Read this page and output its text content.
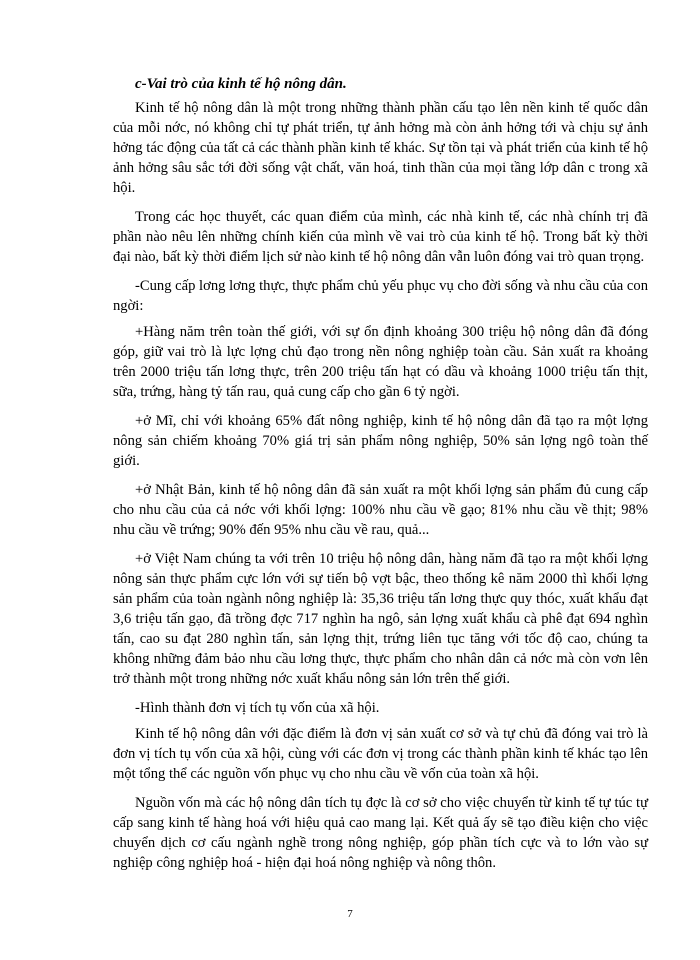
c-Vai trò của kinh tế hộ nông dân.

Kinh tế hộ nông dân là một trong những thành phần cấu tạo lên nền kinh tế quốc dân của mỗi nớc, nó không chỉ tự phát triển, tự ảnh hởng mà còn ảnh hởng tới và chịu sự ảnh hởng tác động của tất cả các thành phần kinh tế khác. Sự tồn tại và phát triển của kinh tế hộ ảnh hởng sâu sắc tới đời sống vật chất, văn hoá, tinh thần của mọi tầng lớp dân c trong xã hội.

Trong các học thuyết, các quan điểm của mình, các nhà kinh tế, các nhà chính trị đã phần nào nêu lên những chính kiến của mình về vai trò của kinh tế hộ. Trong bất kỳ thời đại nào, bất kỳ thời điểm lịch sử nào kinh tế hộ nông dân vẫn luôn đóng vai trò quan trọng.

-Cung cấp lơng lơng thực, thực phẩm chủ yếu phục vụ cho đời sống và nhu cầu của con ngời:

+Hàng năm trên toàn thế giới, với sự ổn định khoảng 300 triệu hộ nông dân đã đóng góp, giữ vai trò là lực lợng chủ đạo trong nền nông nghiệp toàn cầu. Sản xuất ra khoảng trên 2000 triệu tấn lơng thực, trên 200 triệu tấn hạt có dầu và khoảng 1000 triệu tấn thịt, sữa, trứng, hàng tỷ tấn rau, quả cung cấp cho gần 6 tỷ ngời.

+ở Mĩ, chỉ với khoảng 65% đất nông nghiệp, kinh tế hộ nông dân đã tạo ra một lợng nông sản chiếm khoảng 70% giá trị sản phẩm nông nghiệp, 50% sản lợng ngô toàn thế giới.

+ở Nhật Bản, kinh tế hộ nông dân đã sản xuất ra một khối lợng sản phẩm đủ cung cấp cho nhu cầu của cả nớc với khối lợng: 100% nhu cầu về gạo; 81% nhu cầu về thịt; 98% nhu cầu về trứng; 90% đến 95% nhu cầu về rau, quả...

+ở Việt Nam chúng ta với trên 10 triệu hộ nông dân, hàng năm đã tạo ra một khối lợng nông sản thực phẩm cực lớn với sự tiến bộ vợt bậc, theo thống kê năm 2000 thì khối lợng sản phẩm của toàn ngành nông nghiệp là: 35,36 triệu tấn lơng thực quy thóc, xuất khẩu đạt 3,6 triệu tấn gạo, đã trồng đợc 717 nghìn ha ngô, sản lợng xuất khẩu cà phê đạt 694 nghìn tấn, cao su đạt 280 nghìn tấn, sản lợng thịt, trứng liên tục tăng với tốc độ cao, chúng ta không những đảm bảo nhu cầu lơng thực, thực phẩm cho nhân dân cả nớc mà còn vơn lên trở thành một trong những nớc xuất khẩu nông sản lớn trên thế giới.

-Hình thành đơn vị tích tụ vốn của xã hội.

Kinh tế hộ nông dân với đặc điểm là đơn vị sản xuất cơ sở và tự chủ đã đóng vai trò là đơn vị tích tụ vốn của xã hội, cùng với các đơn vị trong các thành phần kinh tế khác tạo lên một tổng thể các nguồn vốn phục vụ cho nhu cầu về vốn của toàn xã hội.

Nguồn vốn mà các hộ nông dân tích tụ đợc là cơ sở cho việc chuyển từ kinh tế tự túc tự cấp sang kinh tế hàng hoá với hiệu quả cao mang lại. Kết quả ấy sẽ tạo điều kiện cho việc chuyển dịch cơ cấu ngành nghề trong nông nghiệp, góp phần tích cực và to lớn vào sự nghiệp công nghiệp hoá - hiện đại hoá nông nghiệp và nông thôn.

7
